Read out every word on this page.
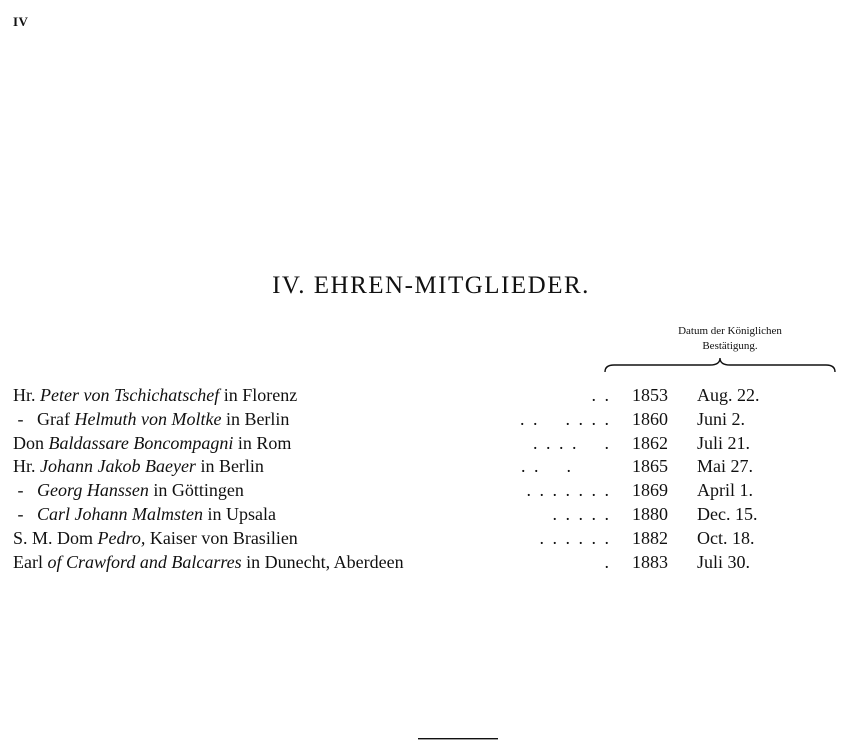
IV
IV. EHREN-MITGLIEDER.
Datum der Königlichen
Bestätigung.
Hr. Peter von Tschichatschef in Florenz	. . 1853 Aug. 22.
-   Graf Helmuth von Moltke in Berlin	. .    . . . . 1860 Juni 2.
Don Baldassare Boncompagni in Rom	. . . .    . 1862 Juli 21.
Hr. Johann Jakob Baeyer in Berlin	. .    .	1865 Mai 27.
-   Georg Hanssen in Göttingen	. . . . . . . 1869 April 1.
-   Carl Johann Malmsten in Upsala	. . . . . 1880 Dec. 15.
S. M. Dom Pedro, Kaiser von Brasilien	. . . . . . 1882 Oct. 18.
Earl of Crawford and Balcarres in Dunecht, Aberdeen	. 1883 Juli 30.
